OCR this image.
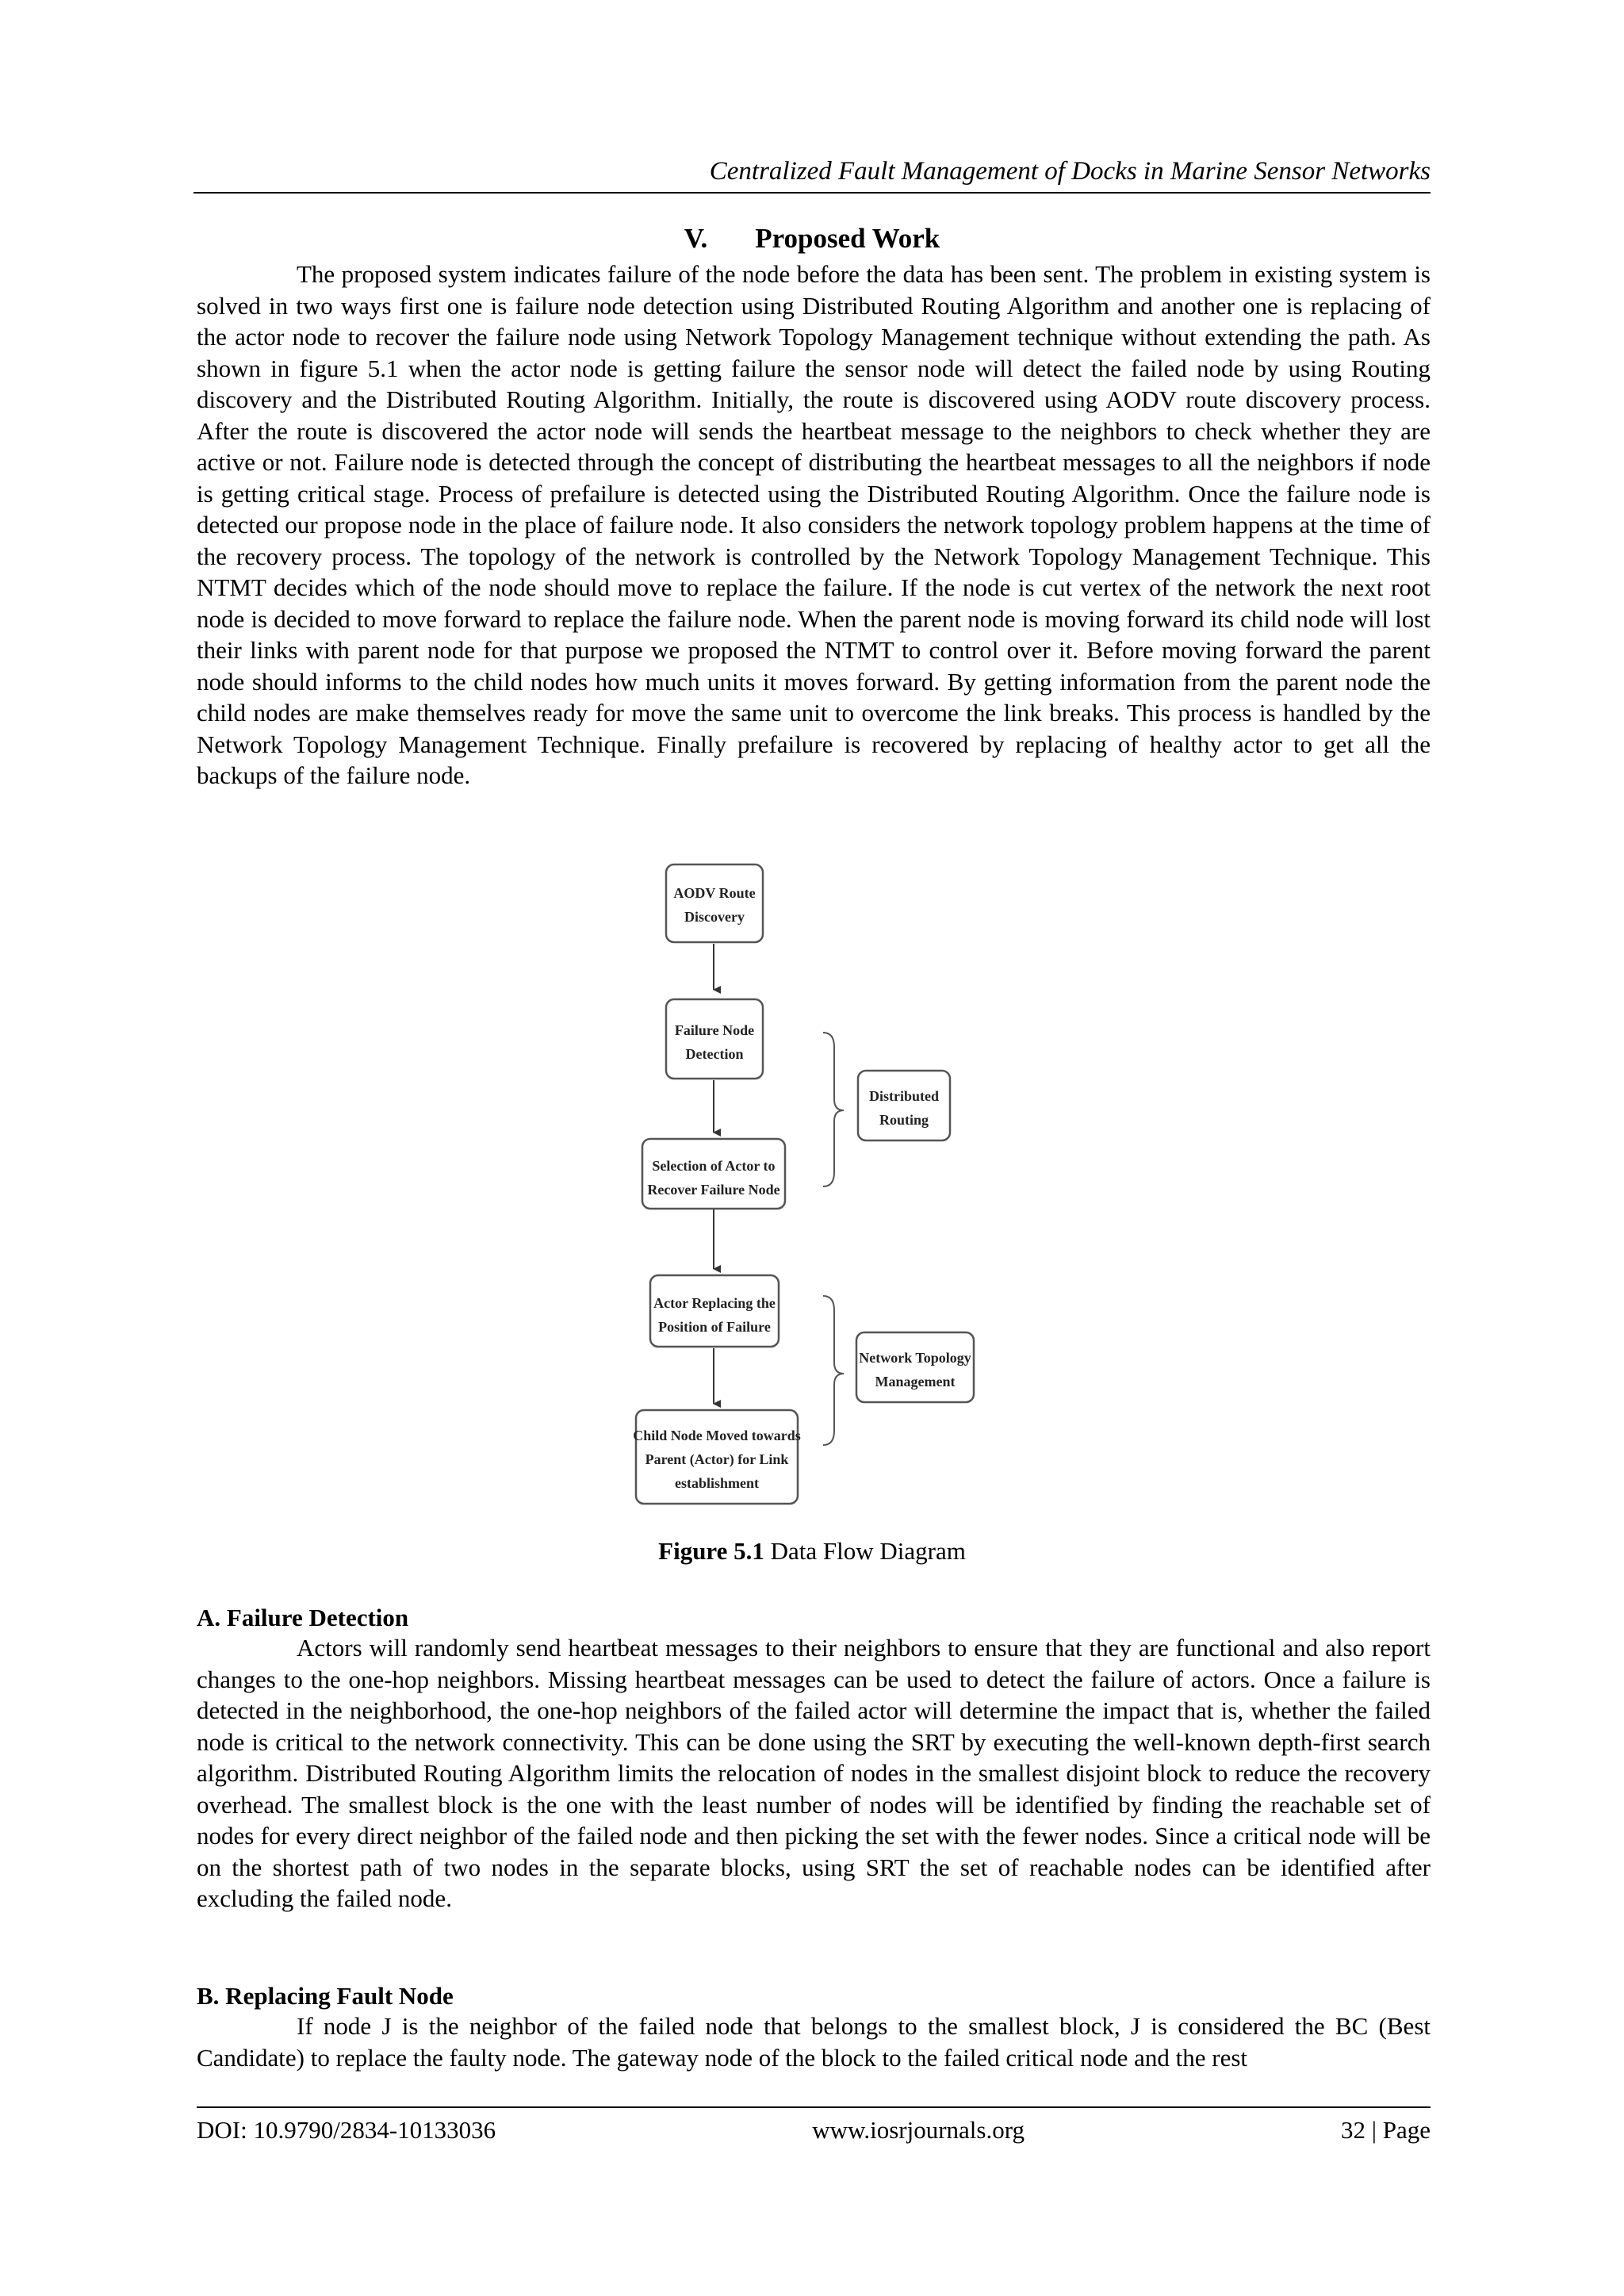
Centralized Fault Management of Docks in Marine Sensor Networks
V. Proposed Work

The proposed system indicates failure of the node before the data has been sent. The problem in existing system is solved in two ways first one is failure node detection using Distributed Routing Algorithm and another one is replacing of the actor node to recover the failure node using Network Topology Management technique without extending the path. As shown in figure 5.1 when the actor node is getting failure the sensor node will detect the failed node by using Routing discovery and the Distributed Routing Algorithm. Initially, the route is discovered using AODV route discovery process. After the route is discovered the actor node will sends the heartbeat message to the neighbors to check whether they are active or not. Failure node is detected through the concept of distributing the heartbeat messages to all the neighbors if node is getting critical stage. Process of prefailure is detected using the Distributed Routing Algorithm. Once the failure node is detected our propose node in the place of failure node. It also considers the network topology problem happens at the time of the recovery process. The topology of the network is controlled by the Network Topology Management Technique. This NTMT decides which of the node should move to replace the failure. If the node is cut vertex of the network the next root node is decided to move forward to replace the failure node. When the parent node is moving forward its child node will lost their links with parent node for that purpose we proposed the NTMT to control over it. Before moving forward the parent node should informs to the child nodes how much units it moves forward. By getting information from the parent node the child nodes are make themselves ready for move the same unit to overcome the link breaks. This process is handled by the Network Topology Management Technique. Finally prefailure is recovered by replacing of healthy actor to get all the backups of the failure node.

AODV Route Discovery
Failure Node Detection
Selection of Actor to Recover Failure Node
Actor Replacing the Position of Failure
Child Node Moved towards Parent (Actor) for Link establishment
Distributed Routing
Network Topology Management
Figure 5.1 Data Flow Diagram
A. Failure Detection

Actors will randomly send heartbeat messages to their neighbors to ensure that they are functional and also report changes to the one-hop neighbors. Missing heartbeat messages can be used to detect the failure of actors. Once a failure is detected in the neighborhood, the one-hop neighbors of the failed actor will determine the impact that is, whether the failed node is critical to the network connectivity. This can be done using the SRT by executing the well-known depth-first search algorithm. Distributed Routing Algorithm limits the relocation of nodes in the smallest disjoint block to reduce the recovery overhead. The smallest block is the one with the least number of nodes will be identified by finding the reachable set of nodes for every direct neighbor of the failed node and then picking the set with the fewer nodes. Since a critical node will be on the shortest path of two nodes in the separate blocks, using SRT the set of reachable nodes can be identified after excluding the failed node.

B. Replacing Fault Node

If node J is the neighbor of the failed node that belongs to the smallest block, J is considered the BC (Best Candidate) to replace the faulty node. The gateway node of the block to the failed critical node and the rest

DOI: 10.9790/2834-10133036	www.iosrjournals.org	32 | Page
